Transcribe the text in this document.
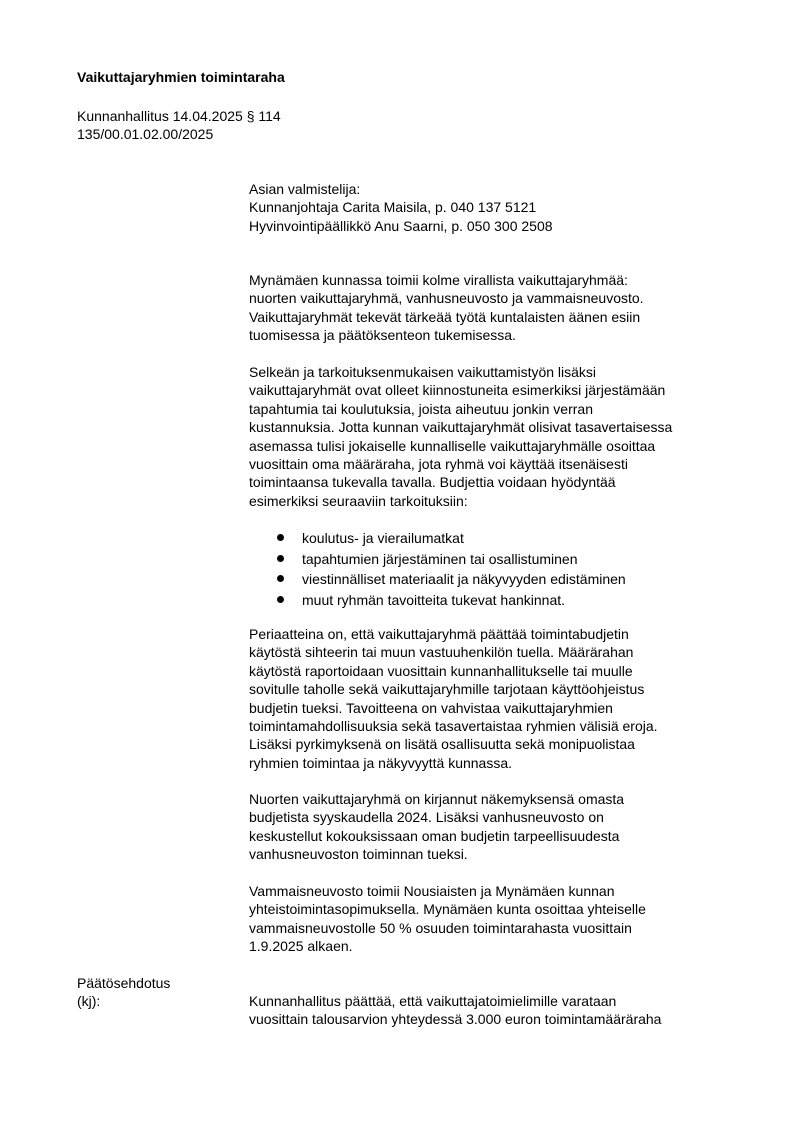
Vaikuttajaryhmien toimintaraha
Kunnanhallitus 14.04.2025 § 114
135/00.01.02.00/2025
Asian valmistelija:
Kunnanjohtaja Carita Maisila, p. 040 137 5121
Hyvinvointipäällikkö Anu Saarni, p. 050 300 2508
Mynämäen kunnassa toimii kolme virallista vaikuttajaryhmää:
nuorten vaikuttajaryhmä, vanhusneuvosto ja vammaisneuvosto.
Vaikuttajaryhmät tekevät tärkeää työtä kuntalaisten äänen esiin
tuomisessa ja päätöksenteon tukemisessa.
Selkeän ja tarkoituksenmukaisen vaikuttamistyön lisäksi
vaikuttajaryhmät ovat olleet kiinnostuneita esimerkiksi järjestämään
tapahtumia tai koulutuksia, joista aiheutuu jonkin verran
kustannuksia. Jotta kunnan vaikuttajaryhmät olisivat tasavertaisessa
asemassa tulisi jokaiselle kunnalliselle vaikuttajaryhmälle osoittaa
vuosittain oma määräraha, jota ryhmä voi käyttää itsenäisesti
toimintaansa tukevalla tavalla. Budjettia voidaan hyödyntää
esimerkiksi seuraaviin tarkoituksiin:
koulutus- ja vierailumatkat
tapahtumien järjestäminen tai osallistuminen
viestinnälliset materiaalit ja näkyvyyden edistäminen
muut ryhmän tavoitteita tukevat hankinnat.
Periaatteina on, että vaikuttajaryhmä päättää toimintabudjetin
käytöstä sihteerin tai muun vastuuhenkilön tuella. Määrärahan
käytöstä raportoidaan vuosittain kunnanhallitukselle tai muulle
sovitulle taholle sekä vaikuttajaryhmille tarjotaan käyttöohjeistus
budjetin tueksi. Tavoitteena on vahvistaa vaikuttajaryhmien
toimintamahdollisuuksia sekä tasavertaistaa ryhmien välisiä eroja.
Lisäksi pyrkimyksenä on lisätä osallisuutta sekä monipuolistaa
ryhmien toimintaa ja näkyvyyttä kunnassa.
Nuorten vaikuttajaryhmä on kirjannut näkemyksensä omasta
budjetista syyskaudella 2024. Lisäksi vanhusneuvosto on
keskustellut kokouksissaan oman budjetin tarpeellisuudesta
vanhusneuvoston toiminnan tueksi.
Vammaisneuvosto toimii Nousiaisten ja Mynämäen kunnan
yhteistoimintasopimuksella. Mynämäen kunta osoittaa yhteiselle
vammaisneuvostolle 50 % osuuden toimintarahasta vuosittain
1.9.2025 alkaen.
Päätösehdotus
(kj):	Kunnanhallitus päättää, että vaikuttajatoimielimille varataan
vuosittain talousarvion yhteydessä 3.000 euron toimintamääräraha
